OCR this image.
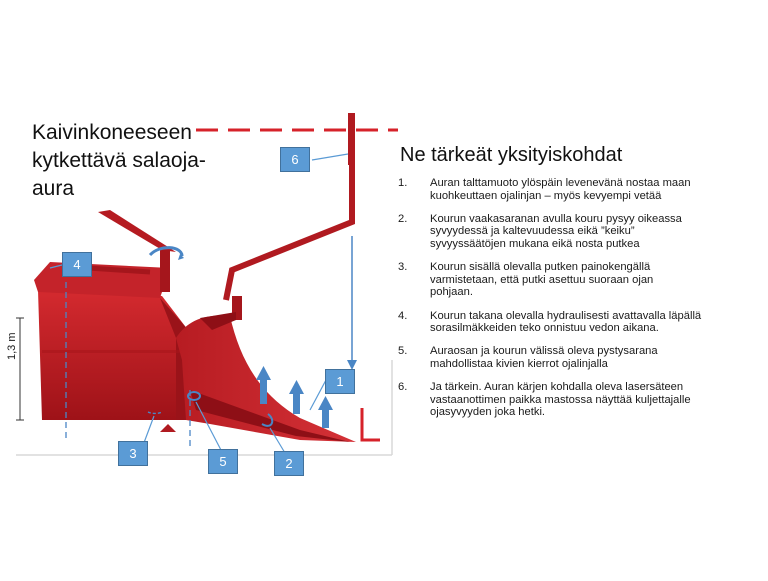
Kaivinkoneeseen
kytkettävä salaoja-
aura
1,3 m
6
4
1
3
5	2
Ne tärkeät yksityiskohdat
1.	Auran talttamuoto ylöspäin levenevänä nostaa maan
kuohkeuttaen ojalinjan – myös kevyempi vetää
2.	Kourun vaakasaranan avulla kouru pysyy oikeassa
syvyydessä ja kaltevuudessa eikä ”keiku”
syvyyssäätöjen mukana eikä nosta putkea
3.	Kourun sisällä olevalla putken painokengällä
varmistetaan, että putki asettuu suoraan ojan
pohjaan.
4.	Kourun takana olevalla hydraulisesti avattavalla läpällä
sorasilmäkkeiden teko onnistuu vedon aikana.
5.	Auraosan ja kourun välissä oleva pystysarana
mahdollistaa kivien kierrot ojalinjalla
6.	Ja tärkein. Auran kärjen kohdalla oleva lasersäteen
vastaanottimen paikka mastossa näyttää kuljettajalle
ojasyvyyden joka hetki.
